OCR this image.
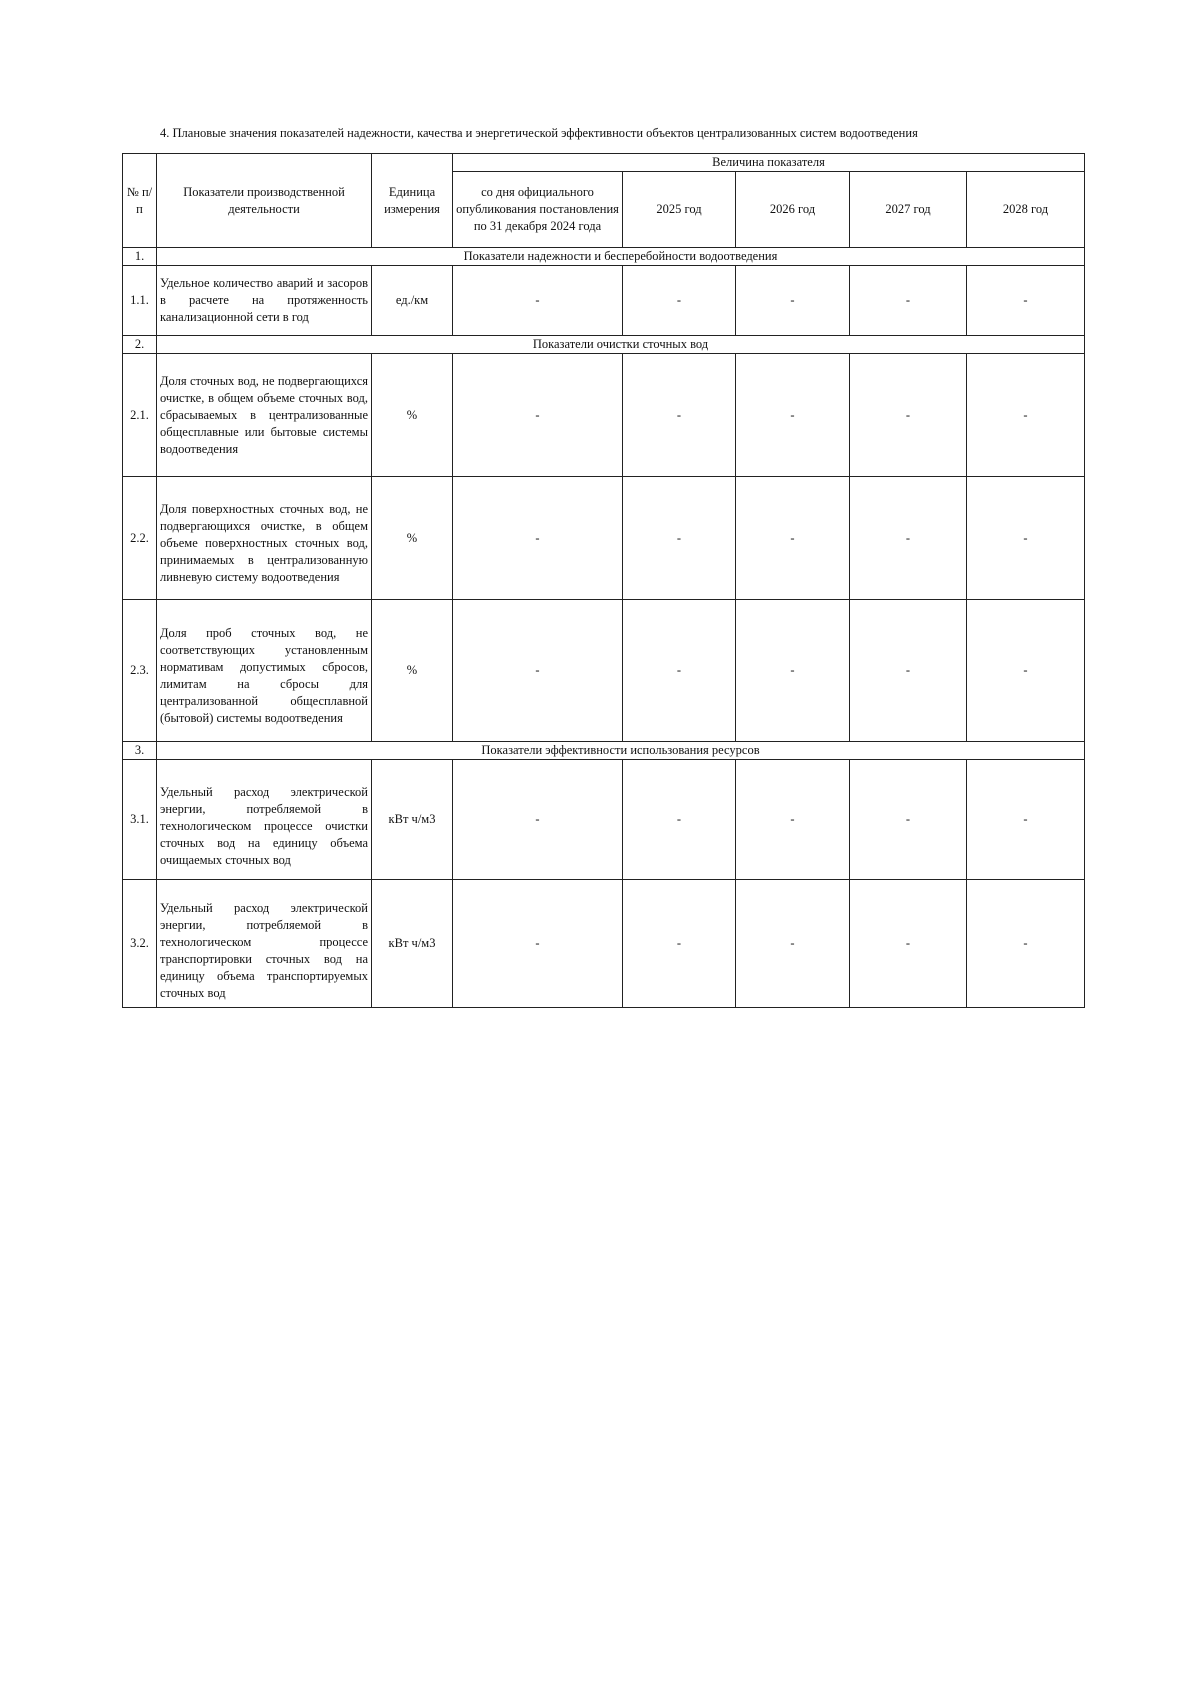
4. Плановые значения показателей надежности, качества и энергетической эффективности объектов централизованных систем водоотведения
№ п/п	Показатели производственной деятельности	Единица измерения	Величина показателя				
			со дня официального опубликования постановления по 31 декабря 2024 года	2025 год	2026 год	2027 год	2028 год
1.	Показатели надежности и бесперебойности водоотведения						
1.1.	Удельное количество аварий и засоров в расчете на протяженность канализационной сети в год	ед./км	-	-	-	-	-
2.	Показатели очистки сточных вод						
2.1.	Доля сточных вод, не подвергающихся очистке, в общем объеме сточных вод, сбрасываемых в централизованные общесплавные или бытовые системы водоотведения	%	-	-	-	-	-
2.2.	Доля поверхностных сточных вод, не подвергающихся очистке, в общем объеме поверхностных сточных вод, принимаемых в централизованную ливневую систему водоотведения	%	-	-	-	-	-
2.3.	Доля проб сточных вод, не соответствующих установленным нормативам допустимых сбросов, лимитам на сбросы для централизованной общесплавной (бытовой) системы водоотведения	%	-	-	-	-	-
3.	Показатели эффективности использования ресурсов						
3.1.	Удельный расход электрической энергии, потребляемой в технологическом процессе очистки сточных вод на единицу объема очищаемых сточных вод	кВт ч/м3	-	-	-	-	-
3.2.	Удельный расход электрической энергии, потребляемой в технологическом процессе транспортировки сточных вод на единицу объема транспортируемых сточных вод	кВт ч/м3	-	-	-	-	-
